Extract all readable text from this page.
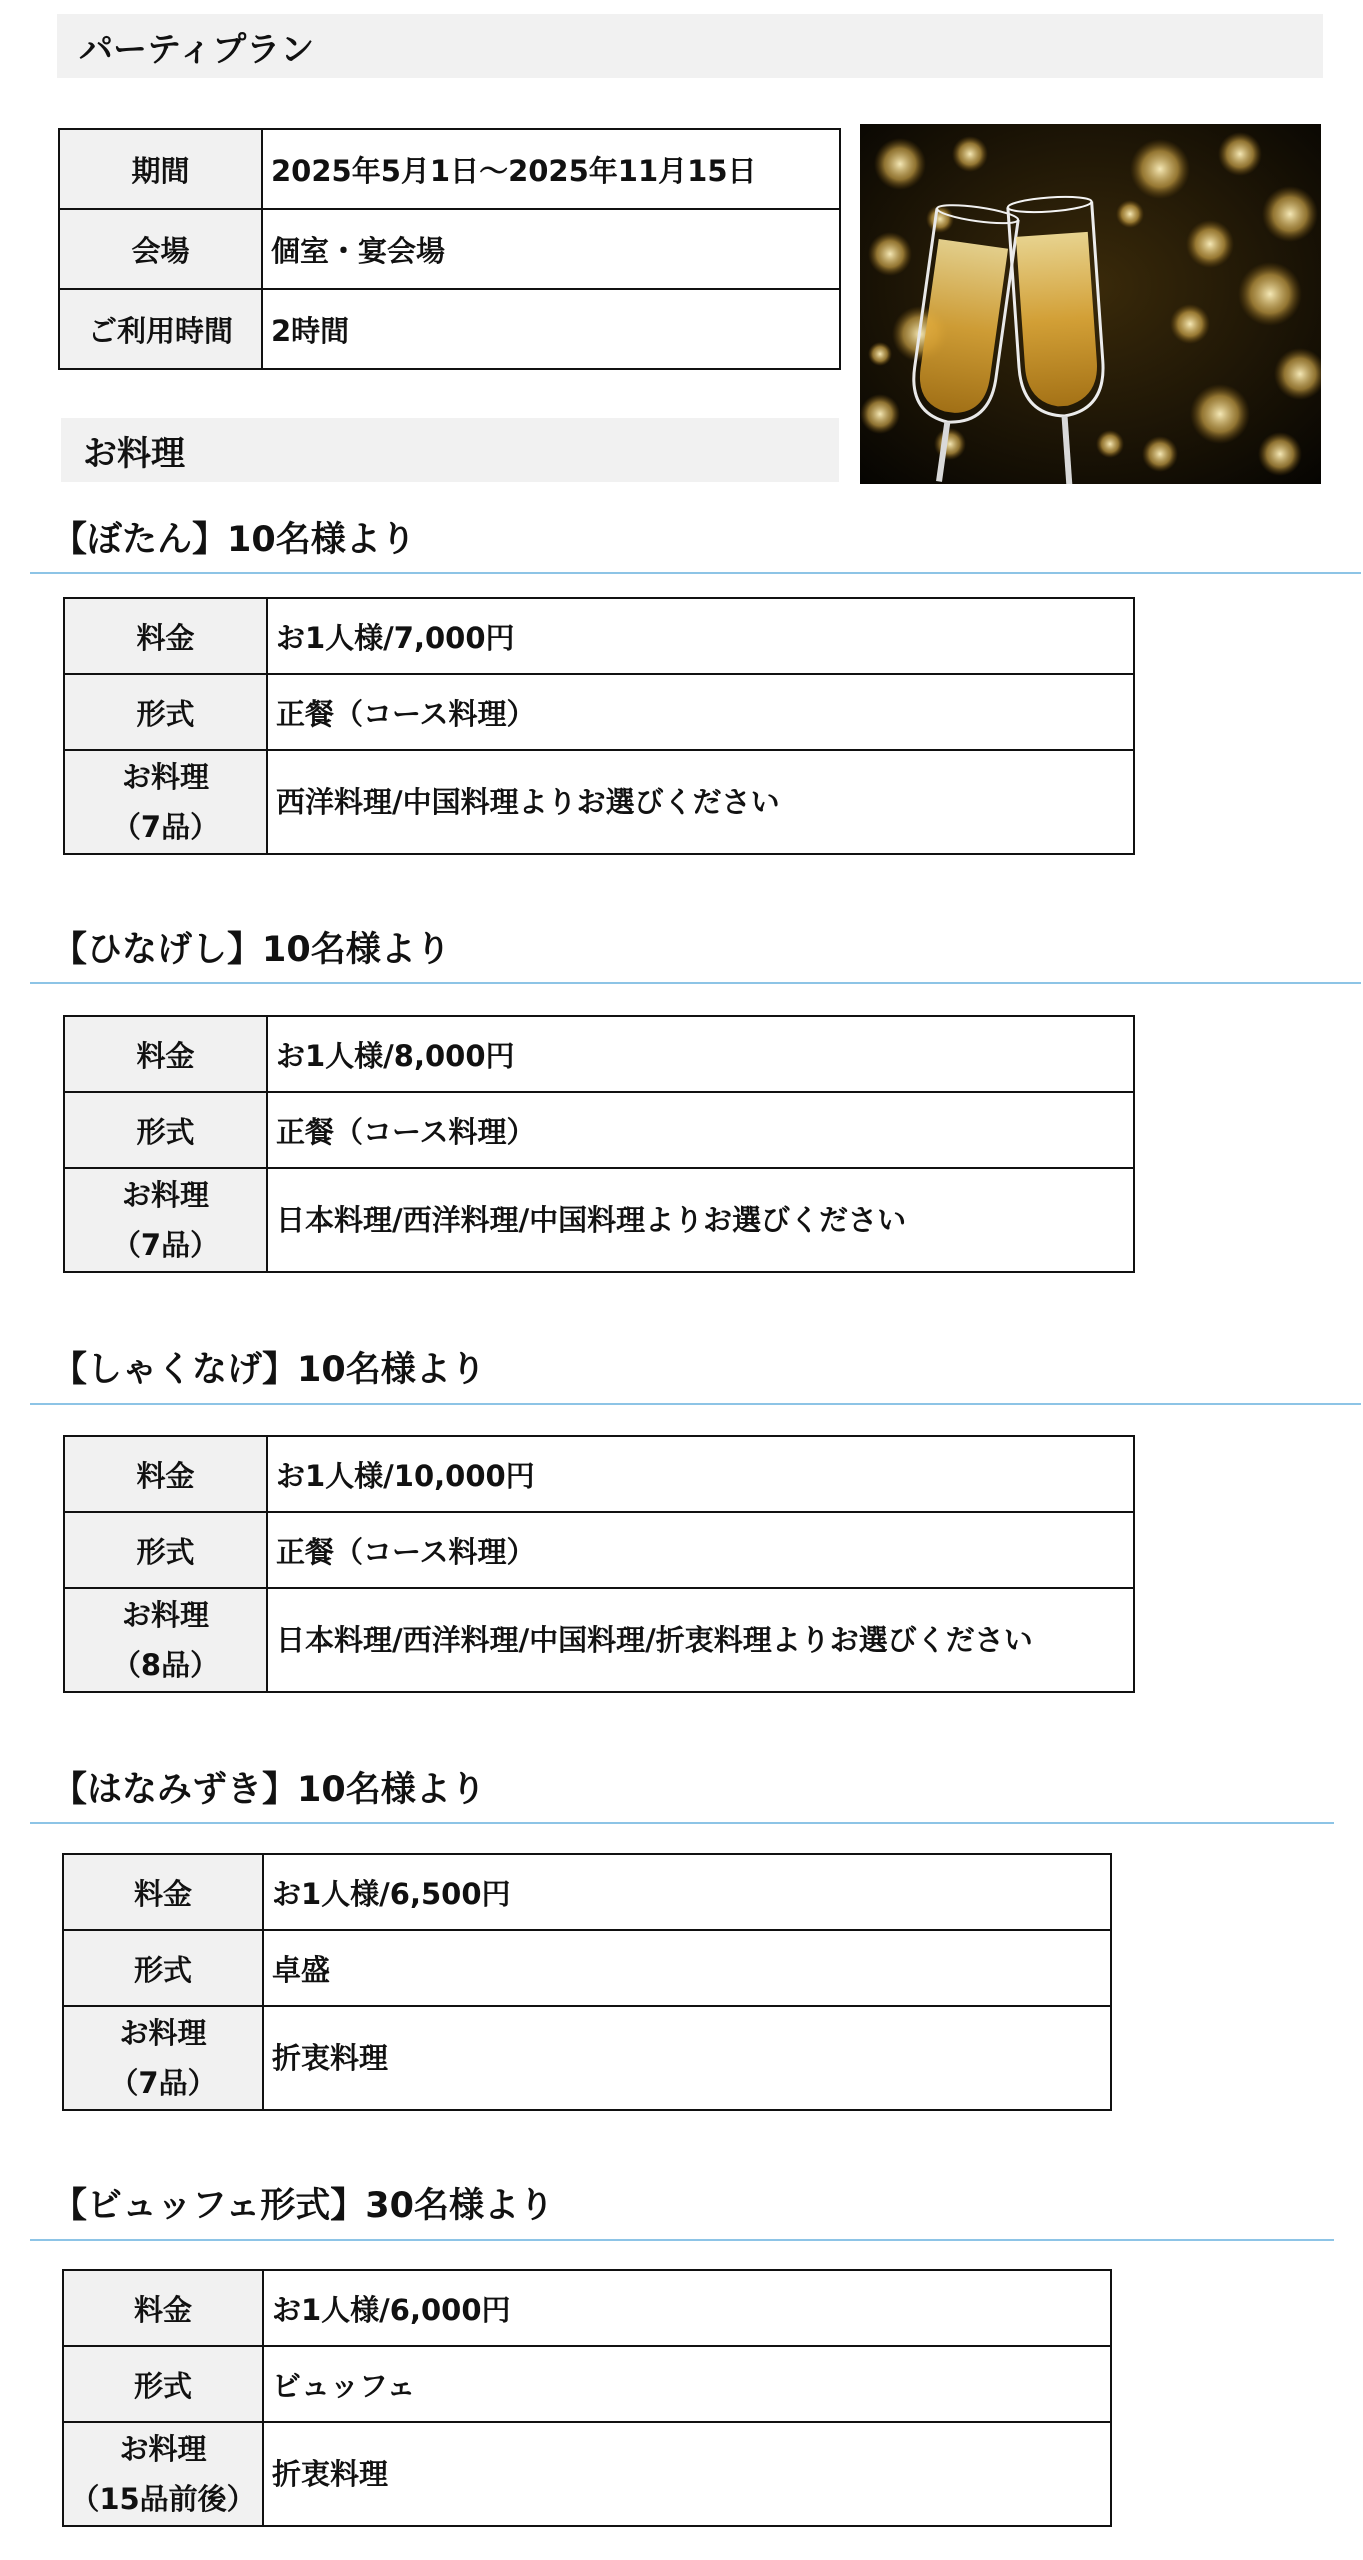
パーティプラン
期間	2025年5月1日～2025年11月15日
会場	個室・宴会場
ご利用時間	2時間
お料理
【ぼたん】10名様より
料金	お1人様/7,000円
形式	正餐（コース料理）

お料理
（7品）	西洋料理/中国料理よりお選びください
【ひなげし】10名様より
料金	お1人様/8,000円
形式	正餐（コース料理）

お料理
（7品）	日本料理/西洋料理/中国料理よりお選びください
【しゃくなげ】10名様より
料金	お1人様/10,000円
形式	正餐（コース料理）

お料理
（8品）	日本料理/西洋料理/中国料理/折衷料理よりお選びください
【はなみずき】10名様より
料金	お1人様/6,500円
形式	卓盛

お料理
（7品）	折衷料理
【ビュッフェ形式】30名様より
料金	お1人様/6,000円
形式	ビュッフェ

お料理
（15品前後）	折衷料理
